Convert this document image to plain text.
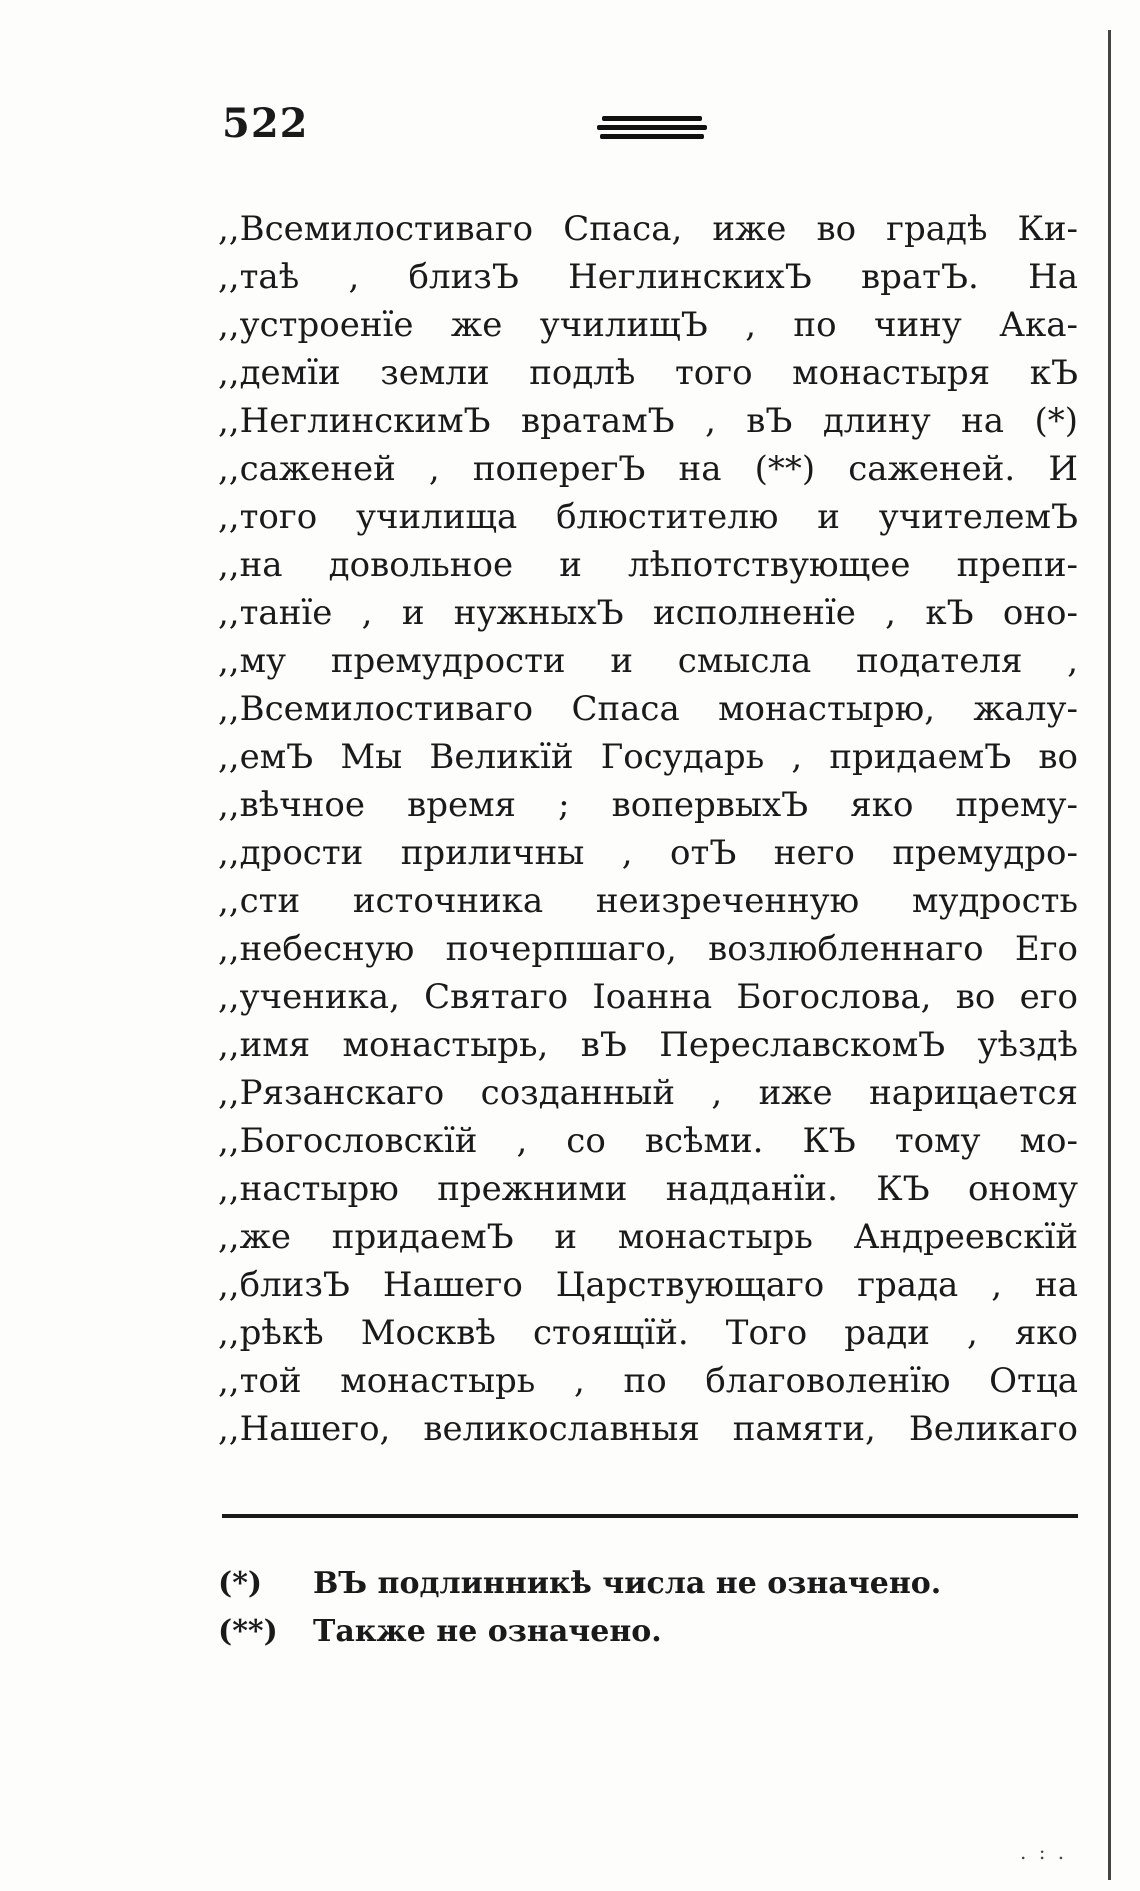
522
,,Всемилостиваго Спаса, иже во градѣ Ки-
,,таѣ , близЪ НеглинскихЪ вратЪ. На
,,устроенїе же училищЪ , по чину Ака-
,,демїи земли подлѣ того монастыря кЪ
,,НеглинскимЪ вратамЪ , вЪ длину на (*)
,,саженей , поперегЪ на (**) саженей. И
,,того училища блюстителю и учителемЪ
,,на довольное и лѣпотствующее препи-
,,танїе , и нужныхЪ исполненїе , кЪ оно-
,,му премудрости и смысла подателя ,
,,Всемилостиваго Спаса монастырю, жалу-
,,емЪ Мы Великїй Государь , придаемЪ во
,,вѣчное время ; вопервыхЪ яко прему-
,,дрости приличны , отЪ него премудро-
,,сти источника неизреченную мудрость
,,небесную почерпшаго, возлюбленнаго Его
,,ученика, Святаго Iоанна Богослова, во его
,,имя монастырь, вЪ ПереславскомЪ уѣздѣ
,,Рязанскаго созданный , иже нарицается
,,Богословскїй , со всѣми. КЪ тому мо-
,,настырю прежними надданїи. КЪ оному
,,же придаемЪ и монастырь Андреевскїй
,,близЪ Нашего Царствующаго града , на
,,рѣкѣ Москвѣ стоящїй. Того ради , яко
,,той монастырь , по благоволенїю Отца
,,Нашего, великославныя памяти, Великаго
(*) ВЪ подлинникѣ числа не означено.
(**) Также не означено.
. : .
